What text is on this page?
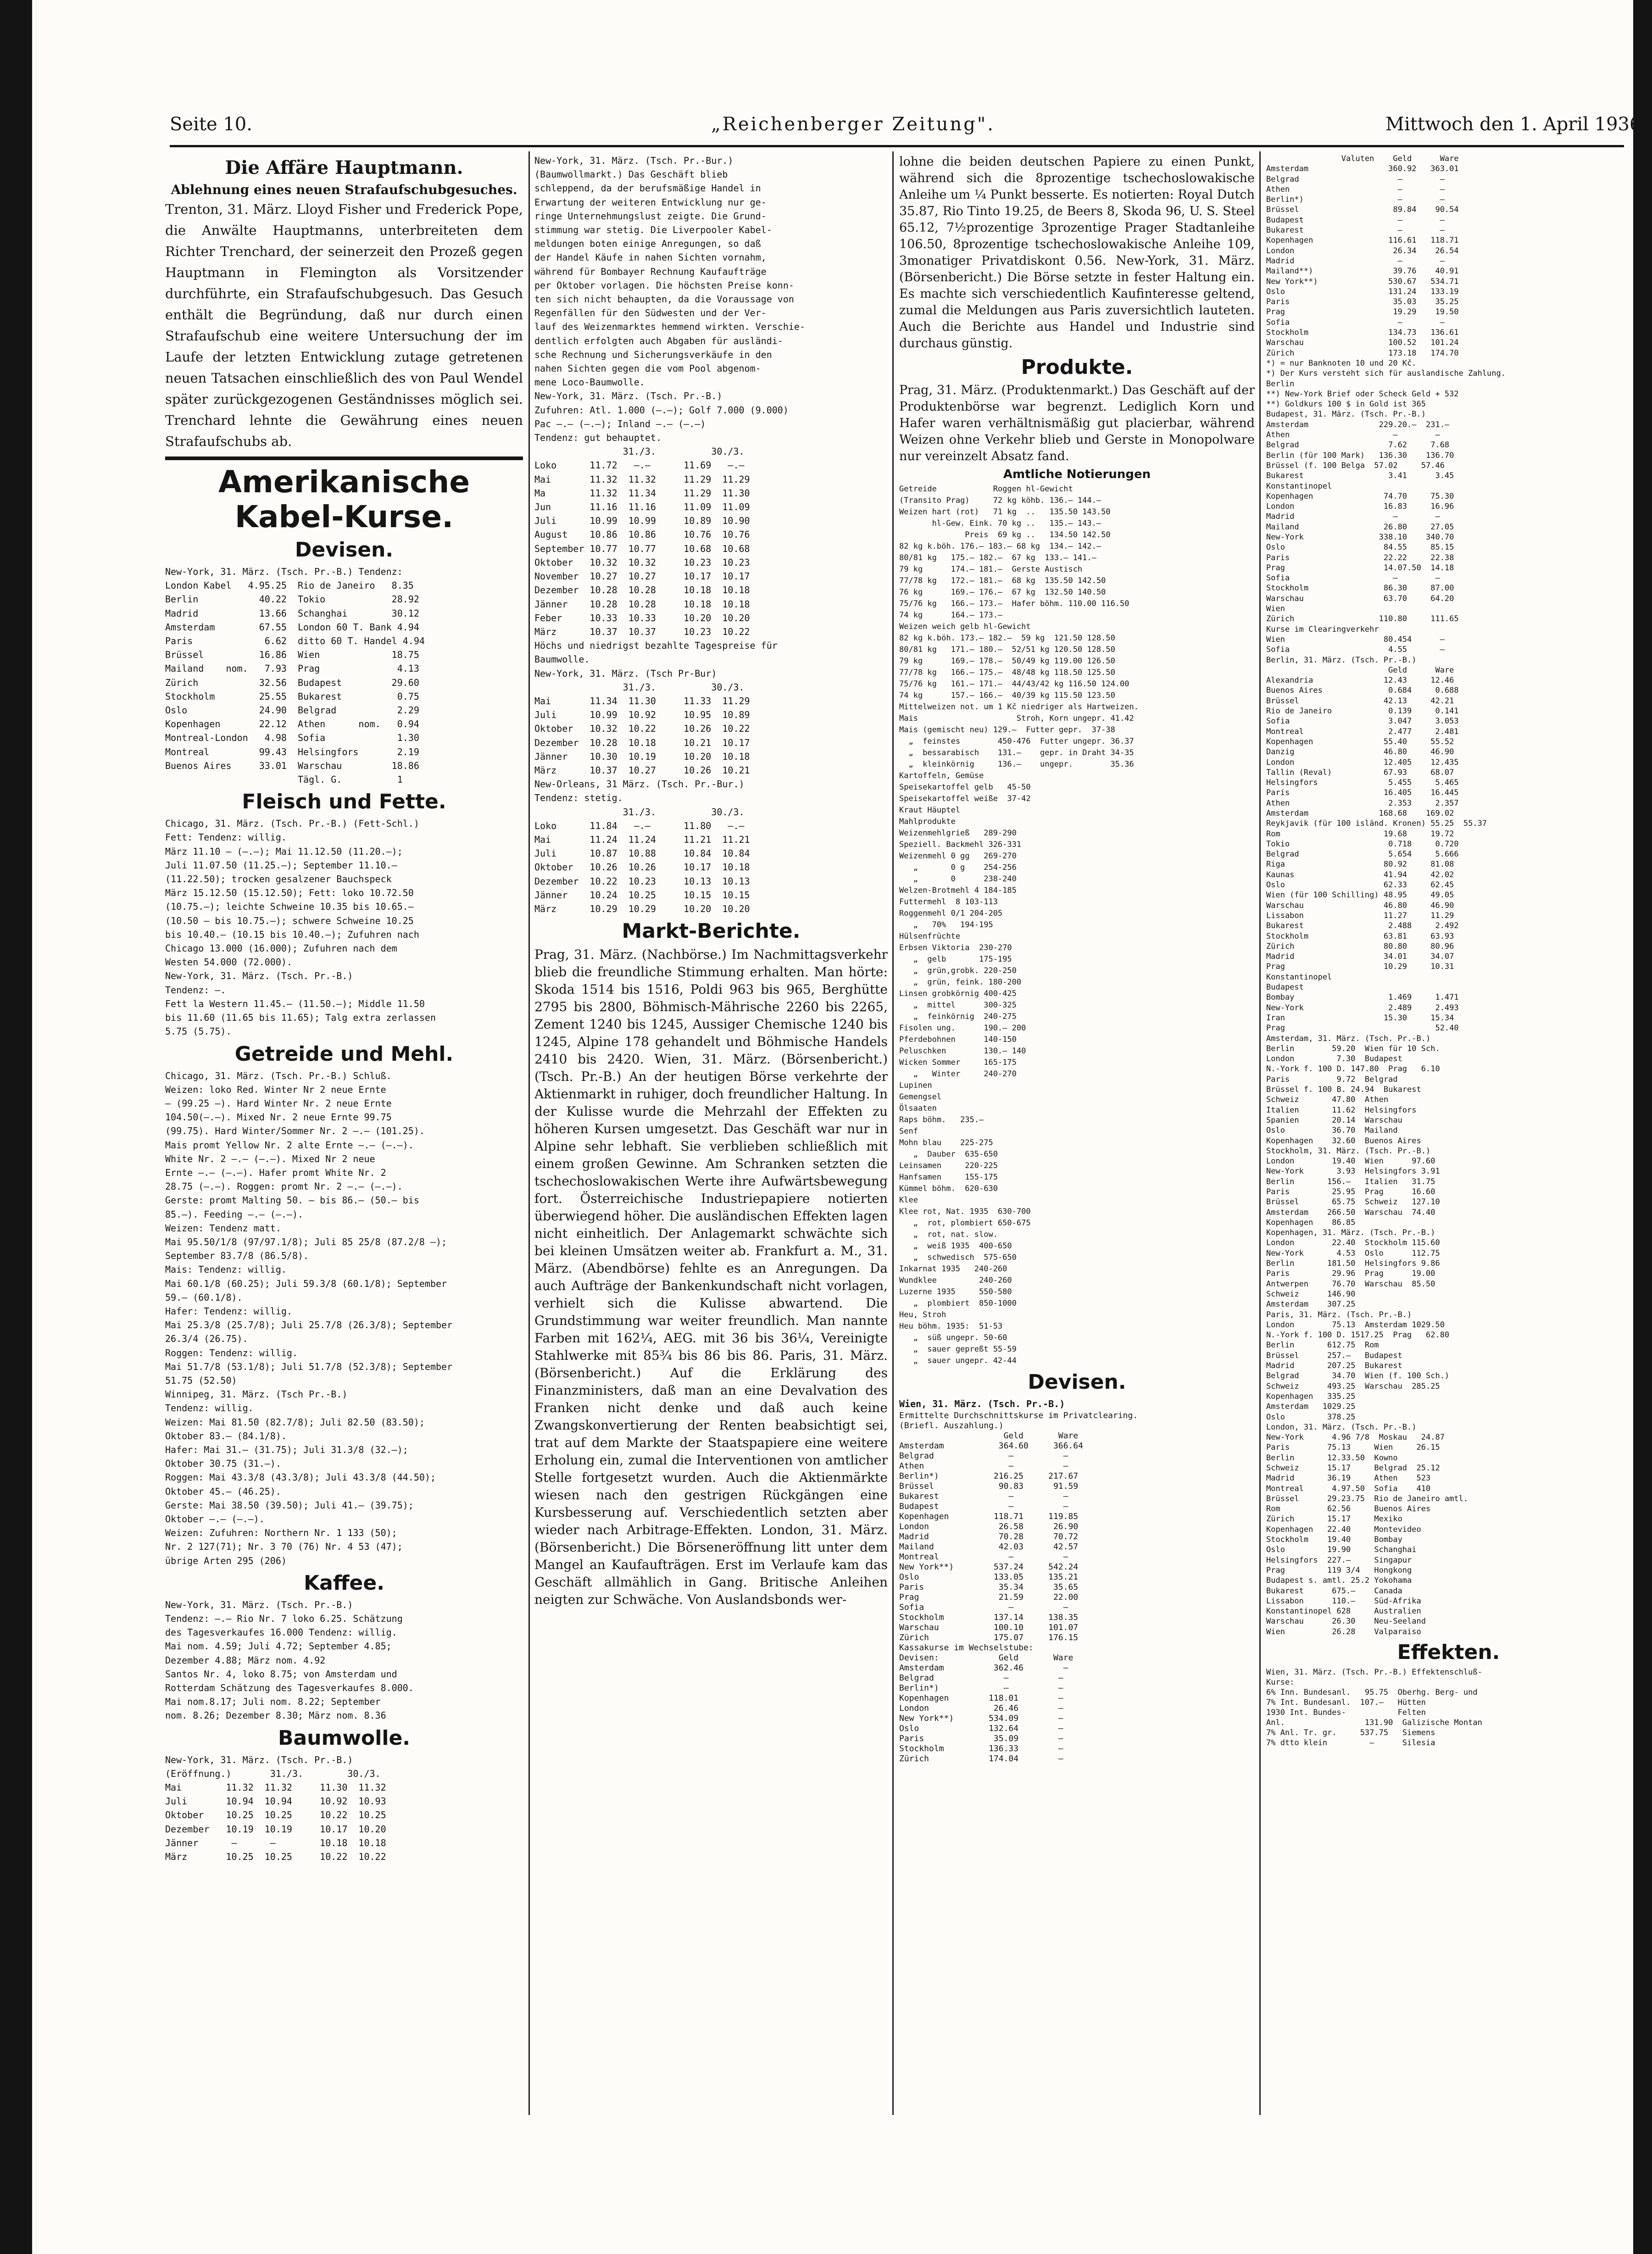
Seite 10.	„Reichenberger Zeitung".	Mittwoch den 1. April 1936.
Die Affäre Hauptmann.
Ablehnung eines neuen Strafaufschubgesuches.

Trenton, 31. März. Lloyd Fisher und Frederick Pope, die Anwälte Hauptmanns, unterbreiteten dem Richter Trenchard, der seinerzeit den Prozeß gegen Hauptmann in Flemington als Vorsitzender durchführte, ein Strafaufschubgesuch. Das Gesuch enthält die Begründung, daß nur durch einen Strafaufschub eine weitere Untersuchung der im Laufe der letzten Entwicklung zutage getretenen neuen Tatsachen einschließlich des von Paul Wendel später zurückgezogenen Geständnisses möglich sei. Trenchard lehnte die Gewährung eines neuen Strafaufschubs ab.

Amerikanische Kabel-Kurse.
Devisen.

New-York, 31. März. (Tsch. Pr.-B.) Tendenz:

London Kabel   4.95.25  Rio de Janeiro   8.35

Berlin           40.22  Tokio            28.92

Madrid           13.66  Schanghai        30.12

Amsterdam        67.55  London 60 T. Bank 4.94

Paris             6.62  ditto 60 T. Handel 4.94

Brüssel          16.86  Wien             18.75

Mailand    nom.   7.93  Prag              4.13

Zürich           32.56  Budapest         29.60

Stockholm        25.55  Bukarest          0.75

Oslo             24.90  Belgrad           2.29

Kopenhagen       22.12  Athen      nom.   0.94

Montreal-London   4.98  Sofia             1.30

Montreal         99.43  Helsingfors       2.19

Buenos Aires     33.01  Warschau         18.86

Tägl. G.          1

Fleisch und Fette.

Chicago, 31. März. (Tsch. Pr.-B.) (Fett-Schl.)

Fett: Tendenz: willig.

März 11.10 — (—.—); Mai 11.12.50 (11.20.—);

Juli 11.07.50 (11.25.—); September 11.10.—

(11.22.50); trocken gesalzener Bauchspeck

März 15.12.50 (15.12.50); Fett: loko 10.72.50

(10.75.—); leichte Schweine 10.35 bis 10.65.—

(10.50 — bis 10.75.—); schwere Schweine 10.25

bis 10.40.— (10.15 bis 10.40.—); Zufuhren nach

Chicago 13.000 (16.000); Zufuhren nach dem

Westen 54.000 (72.000).

New-York, 31. März. (Tsch. Pr.-B.)

Tendenz: —.

Fett la Western 11.45.— (11.50.—); Middle 11.50

bis 11.60 (11.65 bis 11.65); Talg extra zerlassen

5.75 (5.75).

Getreide und Mehl.

Chicago, 31. März. (Tsch. Pr.-B.) Schluß.

Weizen: loko Red. Winter Nr 2 neue Ernte

— (99.25 —). Hard Winter Nr. 2 neue Ernte

104.50(—.—). Mixed Nr. 2 neue Ernte 99.75

(99.75). Hard Winter/Sommer Nr. 2 —.— (101.25).

Mais promt Yellow Nr. 2 alte Ernte —.— (—.—).

White Nr. 2 —.— (—.—). Mixed Nr 2 neue

Ernte —.— (—.—). Hafer promt White Nr. 2

28.75 (—.—). Roggen: promt Nr. 2 —.— (—.—).

Gerste: promt Malting 50. — bis 86.— (50.— bis

85.—). Feeding —.— (—.—).

Weizen: Tendenz matt.

Mai 95.50/1/8 (97/97.1/8); Juli 85 25/8 (87.2/8 —);

September 83.7/8 (86.5/8).

Mais: Tendenz: willig.

Mai 60.1/8 (60.25); Juli 59.3/8 (60.1/8); September

59.— (60.1/8).

Hafer: Tendenz: willig.

Mai 25.3/8 (25.7/8); Juli 25.7/8 (26.3/8); September

26.3/4 (26.75).

Roggen: Tendenz: willig.

Mai 51.7/8 (53.1/8); Juli 51.7/8 (52.3/8); September

51.75 (52.50)

Winnipeg, 31. März. (Tsch Pr.-B.)

Tendenz: willig.

Weizen: Mai 81.50 (82.7/8); Juli 82.50 (83.50);

Oktober 83.— (84.1/8).

Hafer: Mai 31.— (31.75); Juli 31.3/8 (32.—);

Oktober 30.75 (31.—).

Roggen: Mai 43.3/8 (43.3/8); Juli 43.3/8 (44.50);

Oktober 45.— (46.25).

Gerste: Mai 38.50 (39.50); Juli 41.— (39.75);

Oktober —.— (—.—).

Weizen: Zufuhren: Northern Nr. 1 133 (50);

Nr. 2 127(71); Nr. 3 70 (76) Nr. 4 53 (47);

übrige Arten 295 (206)

Kaffee.

New-York, 31. März. (Tsch. Pr.-B.)

Tendenz: —.— Rio Nr. 7 loko 6.25. Schätzung

des Tagesverkaufes 16.000 Tendenz: willig.

Mai nom. 4.59; Juli 4.72; September 4.85;

Dezember 4.88; März nom. 4.92

Santos Nr. 4, loko 8.75; von Amsterdam und

Rotterdam Schätzung des Tagesverkaufes 8.000.

Mai nom.8.17; Juli nom. 8.22; September

nom. 8.26; Dezember 8.30; März nom. 8.36

Baumwolle.

New-York, 31. März. (Tsch. Pr.-B.)

(Eröffnung.)       31./3.        30./3.

Mai        11.32  11.32     11.30  11.32

Juli       10.94  10.94     10.92  10.93

Oktober    10.25  10.25     10.22  10.25

Dezember   10.19  10.19     10.17  10.20

Jänner      —      —        10.18  10.18

März       10.25  10.25     10.22  10.22

New-York, 31. März. (Tsch. Pr.-Bur.)

(Baumwollmarkt.) Das Geschäft blieb

schleppend, da der berufsmäßige Handel in

Erwartung der weiteren Entwicklung nur ge-

ringe Unternehmungslust zeigte. Die Grund-

stimmung war stetig. Die Liverpooler Kabel-

meldungen boten einige Anregungen, so daß

der Handel Käufe in nahen Sichten vornahm,

während für Bombayer Rechnung Kaufaufträge

per Oktober vorlagen. Die höchsten Preise konn-

ten sich nicht behaupten, da die Voraussage von

Regenfällen für den Südwesten und der Ver-

lauf des Weizenmarktes hemmend wirkten. Verschie-

dentlich erfolgten auch Abgaben für ausländi-

sche Rechnung und Sicherungsverkäufe in den

nahen Sichten gegen die vom Pool abgenom-

mene Loco-Baumwolle.

New-York, 31. März. (Tsch. Pr.-B.)

Zufuhren: Atl. 1.000 (—.—); Golf 7.000 (9.000)

Pac —.— (—.—); Inland —.— (—.—)

Tendenz: gut behauptet.

31./3.          30./3.

Loko      11.72   —.—      11.69   —.—

Mai       11.32  11.32     11.29  11.29

Ma        11.32  11.34     11.29  11.30

Jun       11.16  11.16     11.09  11.09

Juli      10.99  10.99     10.89  10.90

August    10.86  10.86     10.76  10.76

September 10.77  10.77     10.68  10.68

Oktober   10.32  10.32     10.23  10.23

November  10.27  10.27     10.17  10.17

Dezember  10.28  10.28     10.18  10.18

Jänner    10.28  10.28     10.18  10.18

Feber     10.33  10.33     10.20  10.20

März      10.37  10.37     10.23  10.22

Höchs und niedrigst bezahlte Tagespreise für

Baumwolle.

New-York, 31. März. (Tsch Pr-Bur)

31./3.          30./3.

Mai       11.34  11.30     11.33  11.29

Juli      10.99  10.92     10.95  10.89

Oktober   10.32  10.22     10.26  10.22

Dezember  10.28  10.18     10.21  10.17

Jänner    10.30  10.19     10.20  10.18

März      10.37  10.27     10.26  10.21

New-Orleans, 31 März. (Tsch. Pr.-Bur.)

Tendenz: stetig.

31./3.          30./3.

Loko      11.84   —.—      11.80   —.—

Mai       11.24  11.24     11.21  11.21

Juli      10.87  10.88     10.84  10.84

Oktober   10.26  10.26     10.17  10.18

Dezember  10.22  10.23     10.13  10.13

Jänner    10.24  10.25     10.15  10.15

März      10.29  10.29     10.20  10.20

Markt-Berichte.

Prag, 31. März. (Nachbörse.) Im Nachmittagsverkehr blieb die freundliche Stimmung erhalten. Man hörte: Skoda 1514 bis 1516, Poldi 963 bis 965, Berghütte 2795 bis 2800, Böhmisch-Mährische 2260 bis 2265, Zement 1240 bis 1245, Aussiger Chemische 1240 bis 1245, Alpine 178 gehandelt und Böhmische Handels 2410 bis 2420. Wien, 31. März. (Börsenbericht.) (Tsch. Pr.-B.) An der heutigen Börse verkehrte der Aktienmarkt in ruhiger, doch freundlicher Haltung. In der Kulisse wurde die Mehrzahl der Effekten zu höheren Kursen umgesetzt. Das Geschäft war nur in Alpine sehr lebhaft. Sie verblieben schließlich mit einem großen Gewinne. Am Schranken setzten die tschechoslowakischen Werte ihre Aufwärtsbewegung fort. Österreichische Industriepapiere notierten überwiegend höher. Die ausländischen Effekten lagen nicht einheitlich. Der Anlagemarkt schwächte sich bei kleinen Umsätzen weiter ab. Frankfurt a. M., 31. März. (Abendbörse) fehlte es an Anregungen. Da auch Aufträge der Bankenkundschaft nicht vorlagen, verhielt sich die Kulisse abwartend. Die Grundstimmung war weiter freundlich. Man nannte Farben mit 162¼, AEG. mit 36 bis 36¼, Vereinigte Stahlwerke mit 85¾ bis 86 bis 86. Paris, 31. März. (Börsenbericht.) Auf die Erklärung des Finanzministers, daß man an eine Devalvation des Franken nicht denke und daß auch keine Zwangskonvertierung der Renten beabsichtigt sei, trat auf dem Markte der Staatspapiere eine weitere Erholung ein, zumal die Interventionen von amtlicher Stelle fortgesetzt wurden. Auch die Aktienmärkte wiesen nach den gestrigen Rückgängen eine Kursbesserung auf. Verschiedentlich setzten aber wieder nach Arbitrage-Effekten. London, 31. März. (Börsenbericht.) Die Börseneröffnung litt unter dem Mangel an Kaufaufträgen. Erst im Verlaufe kam das Geschäft allmählich in Gang. Britische Anleihen neigten zur Schwäche. Von Auslandsbonds wer-

lohne die beiden deutschen Papiere zu einen Punkt, während sich die 8prozentige tschechoslowakische Anleihe um ¼ Punkt besserte. Es notierten: Royal Dutch 35.87, Rio Tinto 19.25, de Beers 8, Skoda 96, U. S. Steel 65.12, 7½prozentige 3prozentige Prager Stadtanleihe 106.50, 8prozentige tschechoslowakische Anleihe 109, 3monatiger Privatdiskont 0.56. New-York, 31. März. (Börsenbericht.) Die Börse setzte in fester Haltung ein. Es machte sich verschiedentlich Kaufinteresse geltend, zumal die Meldungen aus Paris zuversichtlich lauteten. Auch die Berichte aus Handel und Industrie sind durchaus günstig.

Produkte.

Prag, 31. März. (Produktenmarkt.) Das Geschäft auf der Produktenbörse war begrenzt. Lediglich Korn und Hafer waren verhältnismäßig gut placierbar, während Weizen ohne Verkehr blieb und Gerste in Monopolware nur vereinzelt Absatz fand.

Amtliche Notierungen

Getreide            Roggen hl-Gewicht

(Transito Prag)     72 kg köhb. 136.— 144.—

Weizen hart (rot)   71 kg  ..   135.50 143.50

hl-Gew. Eink. 70 kg ..   135.— 143.—

Preis  69 kg ..   134.50 142.50

82 kg k.böh. 176.— 183.— 68 kg  134.— 142.—

80/81 kg   175.— 182.—  67 kg  133.— 141.—

79 kg      174.— 181.—  Gerste Austisch

77/78 kg   172.— 181.—  68 kg  135.50 142.50

76 kg      169.— 176.—  67 kg  132.50 140.50

75/76 kg   166.— 173.—  Hafer böhm. 110.00 116.50

74 kg      164.— 173.—

Weizen weich gelb hl-Gewicht

82 kg k.böh. 173.— 182.—  59 kg  121.50 128.50

80/81 kg   171.— 180.—  52/51 kg 120.50 128.50

79 kg      169.— 178.—  50/49 kg 119.00 126.50

77/78 kg   166.— 175.—  48/48 kg 118.50 125.50

75/76 kg   161.— 171.—  44/43/42 kg 116.50 124.00

74 kg      157.— 166.—  40/39 kg 115.50 123.50

Mittelweizen not. um 1 Kč niedriger als Hartweizen.

Mais                     Stroh, Korn ungepr. 41.42

Mais (gemischt neu) 129.—  Futter gepr.  37-38

„  feinstes        450-476  Futter ungepr. 36.37

„  bessarabisch    131.—    gepr. in Draht 34-35

„  kleinkörnig     136.—    ungepr.        35.36

Kartoffeln, Gemüse

Speisekartoffel gelb   45-50

Speisekartoffel weiße  37-42

Kraut Häuptel

Mahlprodukte

Weizenmehlgrieß   289-290

Speziell. Backmehl 326-331

Weizenmehl 0 gg   269-270

„       0 g    254-256

„       0      238-240

Welzen-Brotmehl 4 184-185

Futtermehl  8 103-113

Roggenmehl 0/1 204-205

„   70%   194-195

Hülsenfrüchte

Erbsen Viktoria  230-270

„  gelb       175-195

„  grün,grobk. 220-250

„  grün, feink. 180-200

Linsen grobkörnig 400-425

„  mittel      300-325

„  feinkörnig  240-275

Fisolen ung.      190.— 200

Pferdebohnen      140-150

Peluschken        130.— 140

Wicken Sommer     165-175

„   Winter     240-270

Lupinen

Gemengsel

Ölsaaten

Raps böhm.   235.—

Senf

Mohn blau    225-275

„  Dauber  635-650

Leinsamen     220-225

Hanfsamen     155-175

Kümmel böhm.  620-630

Klee

Klee rot, Nat. 1935  630-700

„  rot, plombiert 650-675

„  rot, nat. slow.

„  weiß 1935  400-650

„  schwedisch  575-650

Inkarnat 1935   240-260

Wundklee         240-260

Luzerne 1935     550-580

„  plombiert  850-1000

Heu, Stroh

Heu böhm. 1935:  51-53

„  süß ungepr. 50-60

„  sauer gepreßt 55-59

„  sauer ungepr. 42-44

Devisen.
Wien, 31. März. (Tsch. Pr.-B.)

Ermittelte Durchschnittskurse im Privatclearing.

(Briefl. Auszahlung.)

Geld       Ware

Amsterdam           364.60     366.64

Belgrad               —          —

Athen                 —          —

Berlin*)           216.25     217.67

Brüssel             90.83      91.59

Bukarest              —          —

Budapest              —          —

Kopenhagen         118.71     119.85

London              26.58      26.90

Madrid              70.28      70.72

Mailand             42.03      42.57

Montreal              —          —

New York**)        537.24     542.24

Oslo               133.05     135.21

Paris               35.34      35.65

Prag                21.59      22.00

Sofia                 —          —

Stockholm          137.14     138.35

Warschau           100.10     101.07

Zürich             175.07     176.15

Kassakurse im Wechselstube:

Devisen:            Geld       Ware

Amsterdam          362.46        —

Belgrad              —          —

Berlin*)             —          —

Kopenhagen        118.01        —

London             26.46        —

New York**)       534.09        —

Oslo              132.64        —

Paris              35.09        —

Stockholm         136.33        —

Zürich            174.04        —

Valuten    Geld      Ware

Amsterdam                 360.92   363.01

Belgrad                     —        —

Athen                       —        —

Berlin*)                    —        —

Brüssel                    89.84    90.54

Budapest                    —        —

Bukarest                    —        —

Kopenhagen                116.61   118.71

London                     26.34    26.54

Madrid                      —        —

Mailand**)                 39.76    40.91

New York**)               530.67   534.71

Oslo                      131.24   133.19

Paris                      35.03    35.25

Prag                       19.29    19.50

Sofia                       —        —

Stockholm                 134.73   136.61

Warschau                  100.52   101.24

Zürich                    173.18   174.70

*) = nur Banknoten 10 und 20 Kč.

*) Der Kurs versteht sich für auslandische Zahlung.

Berlin

**) New-York Brief oder Scheck Geld + 532

**) Goldkurs 100 $ in Gold ist 365

Budapest, 31. März. (Tsch. Pr.-B.)

Amsterdam               229.20.—  231.—

Athen                      —        —

Belgrad                   7.62     7.68

Berlin (für 100 Mark)   136.30    136.70

Brüssel (f. 100 Belga  57.02     57.46

Bukarest                  3.41      3.45

Konstantinopel

Kopenhagen               74.70     75.30

London                   16.83     16.96

Madrid                     —        —

Mailand                  26.80     27.05

New-York                338.10    340.70

Oslo                     84.55     85.15

Paris                    22.22     22.38

Prag                     14.07.50  14.18

Sofia                      —        —

Stockholm                86.30     87.00

Warschau                 63.70     64.20

Wien

Zürich                  110.80     111.65

Kurse im Clearingverkehr

Wien                     80.454      —

Sofia                     4.55       —

Berlin, 31. März. (Tsch. Pr.-B.)

Geld      Ware

Alexandria               12.43     12.46

Buenos Aires              0.684     0.688

Brüssel                  42.13     42.21

Rio de Janeiro            0.139     0.141

Sofia                     3.047     3.053

Montreal                  2.477     2.481

Kopenhagen               55.40     55.52

Danzig                   46.80     46.90

London                   12.405    12.435

Tallin (Reval)           67.93     68.07

Helsingfors               5.455     5.465

Paris                    16.405    16.445

Athen                     2.353     2.357

Amsterdam               168.68    169.02

Reykjavik (für 100 isländ. Kronen) 55.25  55.37

Rom                      19.68     19.72

Tokio                     0.718     0.720

Belgrad                   5.654     5.666

Riga                     80.92     81.08

Kaunas                   41.94     42.02

Oslo                     62.33     62.45

Wien (für 100 Schilling) 48.95     49.05

Warschau                 46.80     46.90

Lissabon                 11.27     11.29

Bukarest                  2.488     2.492

Stockholm                63.81     63.93

Zürich                   80.80     80.96

Madrid                   34.01     34.07

Prag                     10.29     10.31

Konstantinopel

Budapest

Bombay                    1.469     1.471

New-York                  2.489     2.493

Iran                     15.30     15.34

Prag                                52.40

Amsterdam, 31. März. (Tsch. Pr.-B.)

Berlin        59.20  Wien für 10 Sch.

London         7.30  Budapest

N.-York f. 100 D. 147.80  Prag   6.10

Paris          9.72  Belgrad

Brüssel f. 100 B. 24.94  Bukarest

Schweiz       47.80  Athen

Italien       11.62  Helsingfors

Spanien       20.14  Warschau

Oslo          36.70  Mailand

Kopenhagen    32.60  Buenos Aires

Stockholm, 31. März. (Tsch. Pr.-B.)

London        19.40  Wien      97.60

New-York       3.93  Helsingfors 3.91

Berlin       156.—   Italien   31.75

Paris         25.95  Prag      16.60

Brüssel       65.75  Schweiz   127.10

Amsterdam    266.50  Warschau  74.40

Kopenhagen    86.85

Kopenhagen, 31. März. (Tsch. Pr.-B.)

London        22.40  Stockholm 115.60

New-York       4.53  Oslo      112.75

Berlin       181.50  Helsingfors 9.86

Paris         29.96  Prag      19.00

Antwerpen     76.70  Warschau  85.50

Schweiz      146.90

Amsterdam    307.25

Paris, 31. März. (Tsch. Pr.-B.)

London        75.13  Amsterdam 1029.50

N.-York f. 100 D. 1517.25  Prag   62.80

Berlin       612.75  Rom

Brüssel      257.—   Budapest

Madrid       207.25  Bukarest

Belgrad       34.70  Wien (f. 100 Sch.)

Schweiz      493.25  Warschau  285.25

Kopenhagen   335.25

Amsterdam   1029.25

Oslo         378.25

London, 31. März. (Tsch. Pr.-B.)

New-York      4.96 7/8  Moskau   24.87

Paris        75.13     Wien     26.15

Berlin       12.33.50  Kowno

Schweiz      15.17     Belgrad  25.12

Madrid       36.19     Athen    523

Montreal      4.97.50  Sofia    410

Brüssel      29.23.75  Rio de Janeiro amtl.

Rom          62.56     Buenos Aires

Zürich       15.17     Mexiko

Kopenhagen   22.40     Montevideo

Stockholm    19.40     Bombay

Oslo         19.90     Schanghai

Helsingfors  227.—     Singapur

Prag         119 3/4   Hongkong

Budapest s. amtl. 25.2 Yokohama

Bukarest      675.—    Canada

Lissabon      110.—    Süd-Afrika

Konstantinopel 628     Australien

Warschau      26.30    Neu-Seeland

Wien          26.28    Valparaiso

Effekten.

Wien, 31. März. (Tsch. Pr.-B.) Effektenschluß-

Kurse:

6% Inn. Bundesanl.   95.75  Oberhg. Berg- und

7% Int. Bundesanl.  107.—   Hütten

1930 Int. Bundes-           Felten

Anl.                 131.90  Galizische Montan

7% Anl. Tr. gr.     537.75   Siemens

7% dtto klein         —      Silesia
